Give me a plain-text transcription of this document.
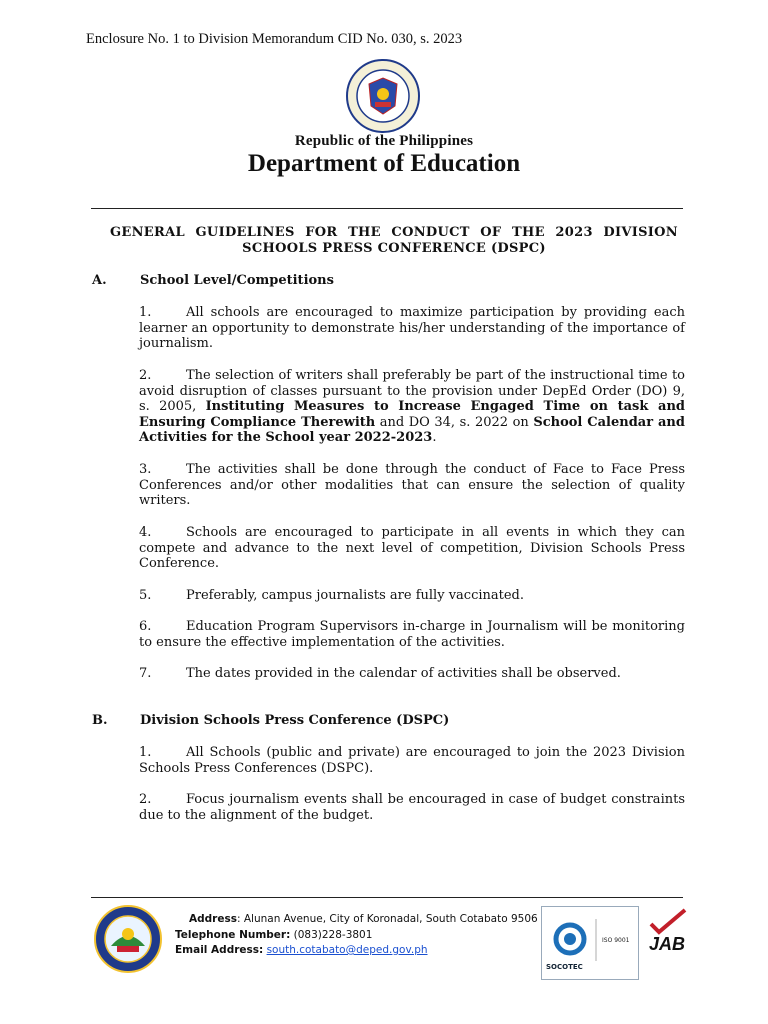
Enclosure No. 1 to Division Memorandum CID No. 030, s. 2023
Republic of the Philippines
Department of Education
GENERAL GUIDELINES FOR THE CONDUCT OF THE 2023 DIVISION
SCHOOLS PRESS CONFERENCE (DSPC)
A.	School Level/Competitions
1.	All schools are encouraged to maximize participation by providing each learner an opportunity to demonstrate his/her understanding of the importance of journalism.
2.	The selection of writers shall preferably be part of the instructional time to avoid disruption of classes pursuant to the provision under DepEd Order (DO) 9, s. 2005, Instituting Measures to Increase Engaged Time on task and Ensuring Compliance Therewith and DO 34, s. 2022 on School Calendar and Activities for the School year 2022-2023.
3.	The activities shall be done through the conduct of Face to Face Press Conferences and/or other modalities that can ensure the selection of quality writers.
4.	Schools are encouraged to participate in all events in which they can compete and advance to the next level of competition, Division Schools Press Conference.
5.	Preferably, campus journalists are fully vaccinated.
6.	Education Program Supervisors in-charge in Journalism will be monitoring to ensure the effective implementation of the activities.
7.	The dates provided in the calendar of activities shall be observed.
B. Division Schools Press Conference (DSPC)
1.	All Schools (public and private) are encouraged to join the 2023 Division Schools Press Conferences (DSPC).
2.	Focus journalism events shall be encouraged in case of budget constraints due to the alignment of the budget.
Address: Alunan Avenue, City of Koronadal, South Cotabato 9506
Telephone Number: (083)228-3801
Email Address: south.cotabato@deped.gov.ph
ISO 9001
SOCOTEC
JAB
